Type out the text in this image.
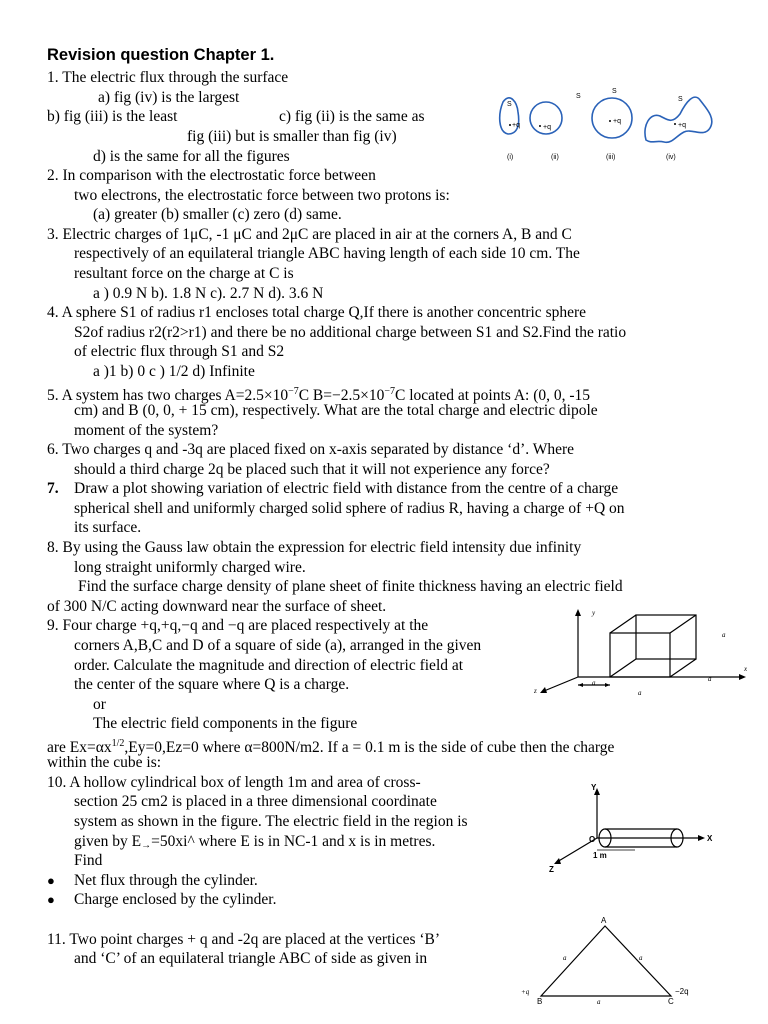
Revision question Chapter 1.
1. The electric flux through the surface
a) fig (iv) is the largest
b) fig (iii) is the least	c) fig (ii) is the same as
fig (iii) but is smaller than fig (iv)
d) is the same for all the figures
S
S
S
S
+q	+q
+q
+q
(i)	(ii)	(iii)	(iv)
2. In comparison with the electrostatic force between
two electrons, the electrostatic force between two protons is:
(a) greater (b) smaller (c) zero (d) same.
3. Electric charges of 1μC, -1 μC and 2μC are placed in air at the corners A, B and C
respectively of an equilateral triangle ABC having length of each side 10 cm. The
resultant force on the charge at C is
a ) 0.9 N b). 1.8 N c). 2.7 N d). 3.6 N
4. A sphere S1 of radius r1 encloses total charge Q,If there is another concentric sphere
S2of radius r2(r2>r1) and there be no additional charge between S1 and S2.Find the ratio
of electric flux through S1 and S2
a )1 b) 0 c ) 1/2 d) Infinite
5. A system has two charges $A=2.5\times 10^{-7}C$ $B=-2.5\times 10^{-7}C$ located at points A: (0, 0, -15
cm) and B (0, 0, + 15 cm), respectively. What are the total charge and electric dipole
moment of the system?
6. Two charges q and -3q are placed fixed on x-axis separated by distance ‘d’. Where
should a third charge 2q be placed such that it will not experience any force?
7. Draw a plot showing variation of electric field with distance from the centre of a charge
spherical shell and uniformly charged solid sphere of radius R, having a charge of +Q on
its surface.
8. By using the Gauss law obtain the expression for electric field intensity due infinity
long straight uniformly charged wire.
Find the surface charge density of plane sheet of finite thickness having an electric field
of 300 N/C acting downward near the surface of sheet.	y
x
z
a
a
a
a
9. Four charge +q,+q,−q and −q are placed respectively at the
corners A,B,C and D of a square of side (a), arranged in the given
order. Calculate the magnitude and direction of electric field at
the center of the square where Q is a charge.
or
The electric field components in the figure
are $Ex=\alpha x^{1/2},Ey=0,Ez=0$ where α=800N/m2. If a = 0.1 m is the side of cube then the charge
within the cube is:
10. A hollow cylindrical box of length 1m and area of cross-
section 25 cm2 is placed in a three dimensional coordinate
system as shown in the figure. The electric field in the region is
given by E→=50xi^ where E is in NC-1 and x is in metres.
Find
● Net flux through the cylinder.
● Charge enclosed by the cylinder.
Y
X
Z
O
1 m
11. Two point charges + q and -2q are placed at the vertices ‘B’
and ‘C’ of an equilateral triangle ABC of side as given in
A
B	C
+q	−2q
a	a
a
